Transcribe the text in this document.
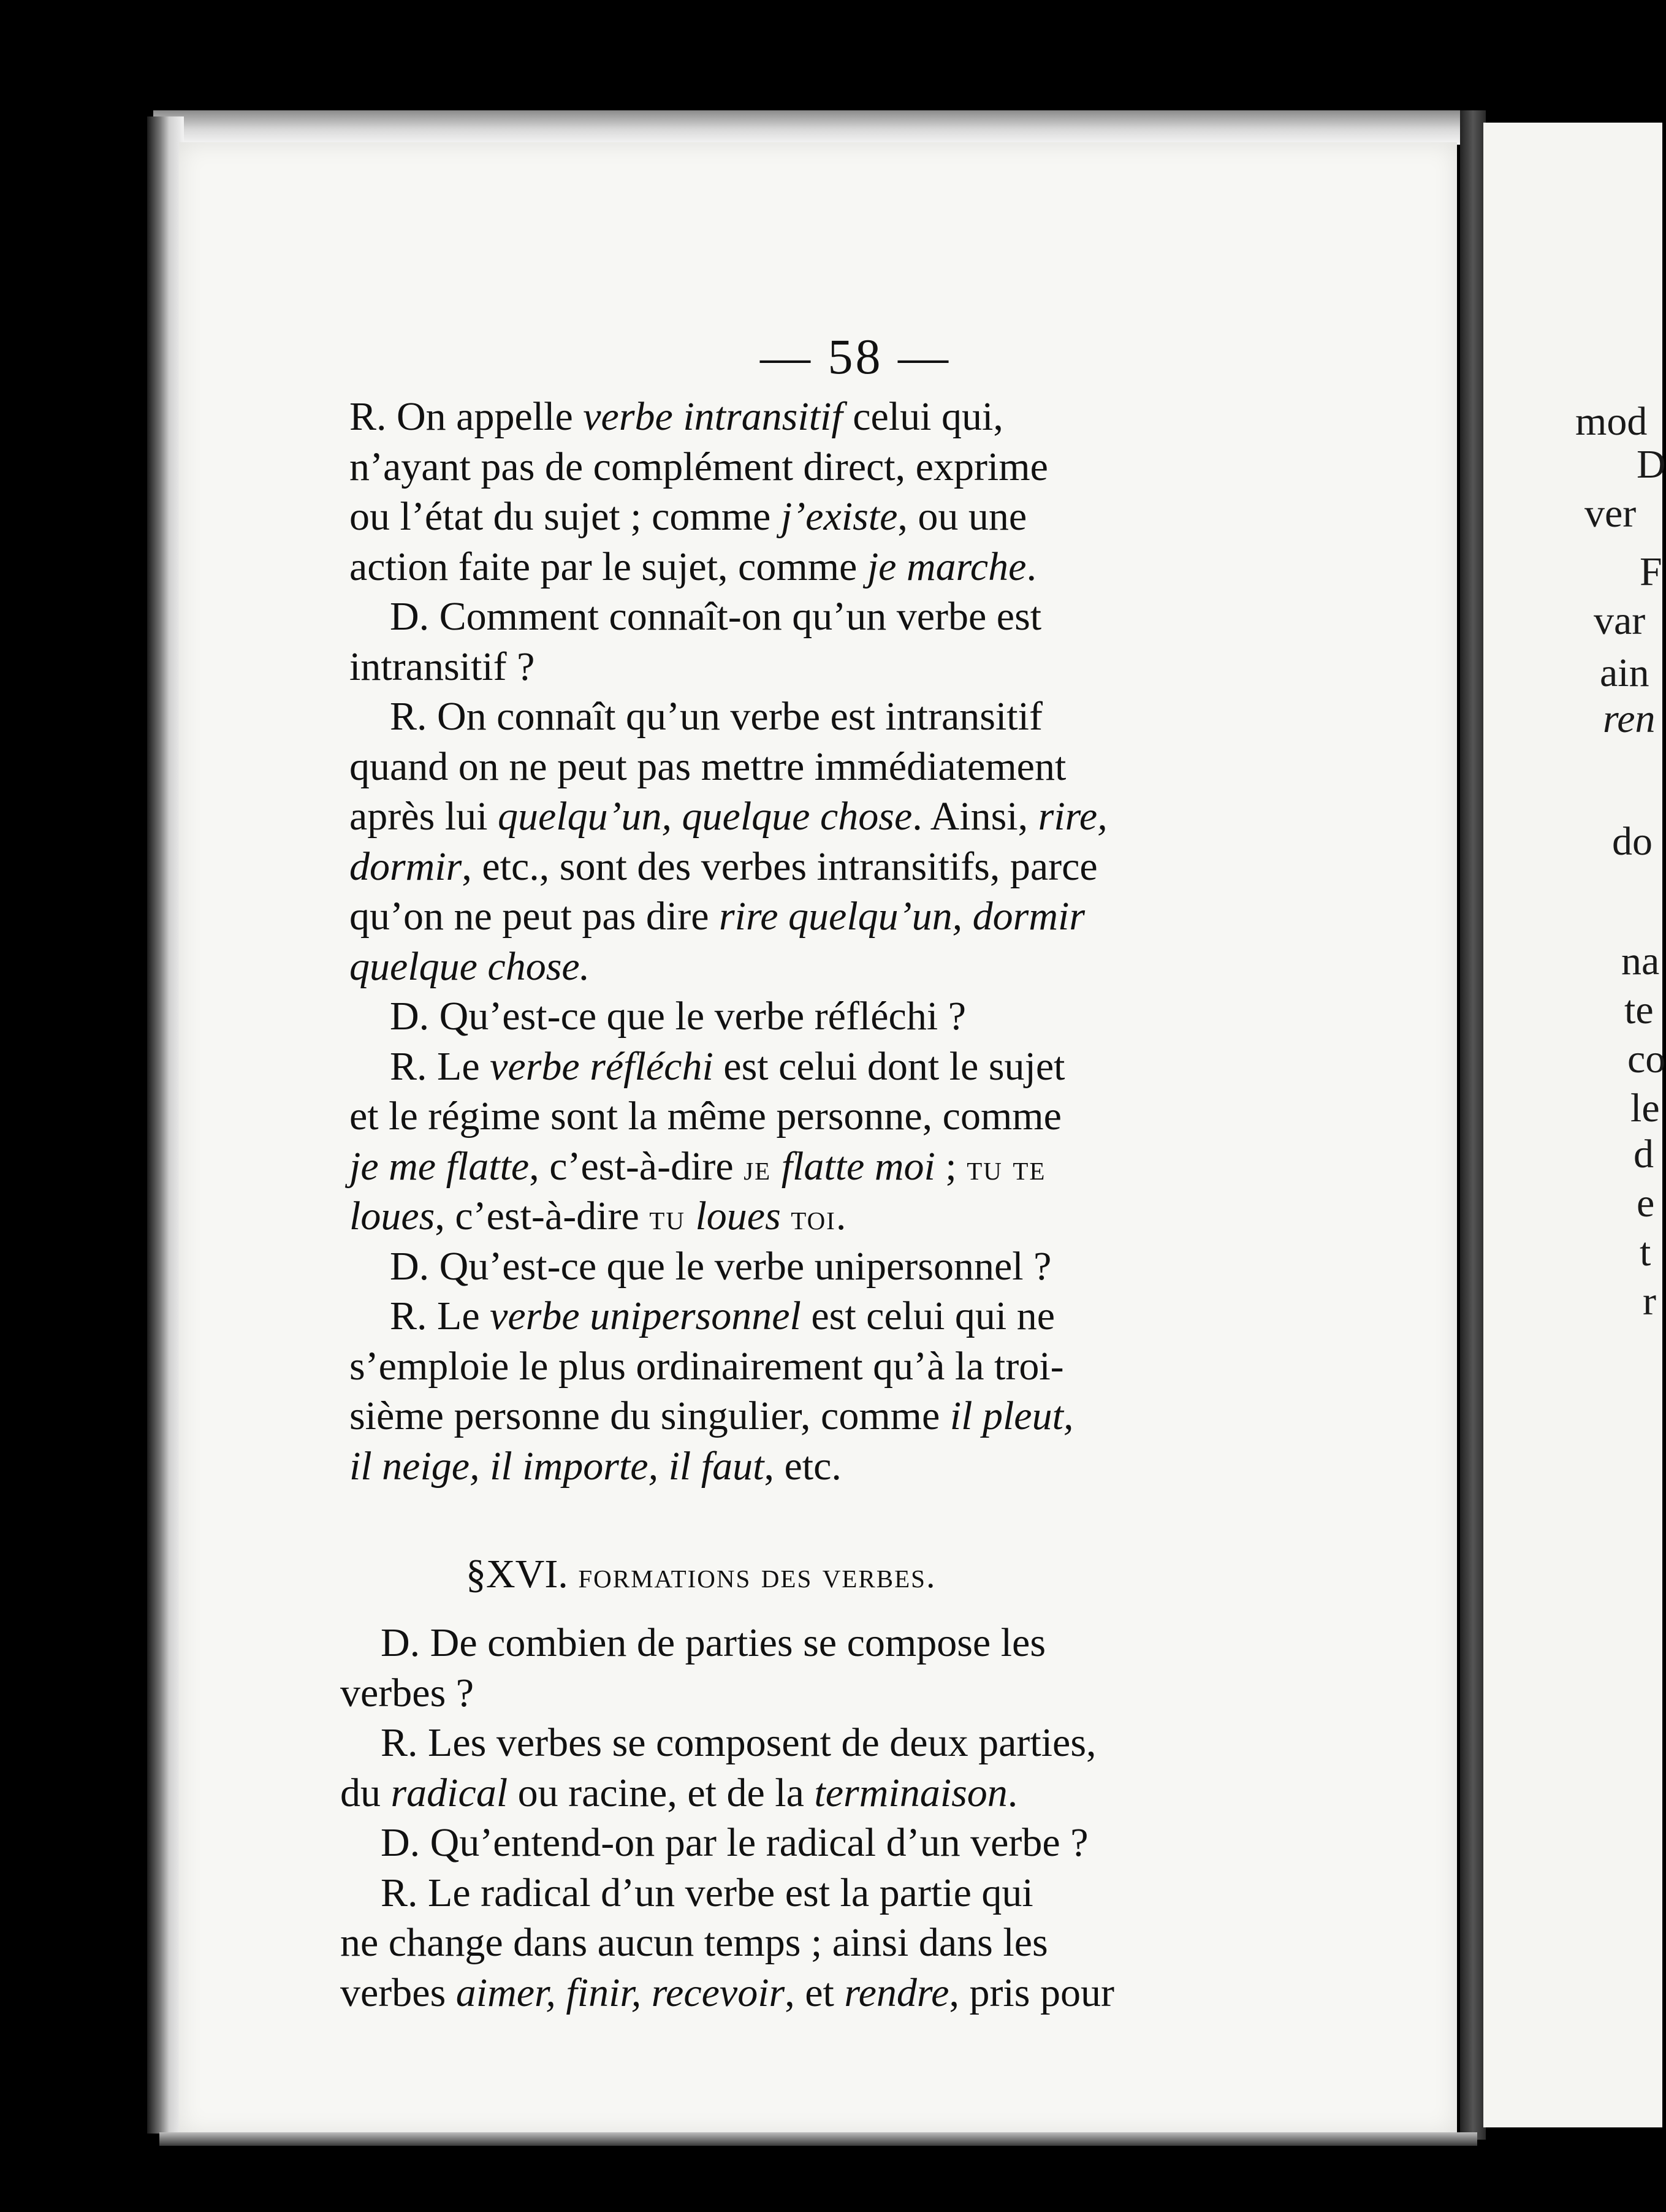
— 58 —
R. On appelle verbe intransitif celui qui,
n’ayant pas de complément direct, exprime
ou l’état du sujet ; comme j’existe, ou une
action faite par le sujet, comme je marche.
D. Comment connaît-on qu’un verbe est
intransitif ?
R. On connaît qu’un verbe est intransitif
quand on ne peut pas mettre immédiatement
après lui quelqu’un, quelque chose. Ainsi, rire,
dormir, etc., sont des verbes intransitifs, parce
qu’on ne peut pas dire rire quelqu’un, dormir
quelque chose.
D. Qu’est-ce que le verbe réfléchi ?
R. Le verbe réfléchi est celui dont le sujet
et le régime sont la même personne, comme
je me flatte, c’est-à-dire je flatte moi ; tu te
loues, c’est-à-dire tu loues toi.
D. Qu’est-ce que le verbe unipersonnel ?
R. Le verbe unipersonnel est celui qui ne
s’emploie le plus ordinairement qu’à la troi-
sième personne du singulier, comme il pleut,
il neige, il importe, il faut, etc.
§XVI. formations des verbes.
D. De combien de parties se compose les
verbes ?
R. Les verbes se composent de deux parties,
du radical ou racine, et de la terminaison.
D. Qu’entend-on par le radical d’un verbe ?
R. Le radical d’un verbe est la partie qui
ne change dans aucun temps ; ainsi dans les
verbes aimer, finir, recevoir, et rendre, pris pour
mod
D
ver
F
var
ain
ren
do
na
te
co
le
d
e
t
r
